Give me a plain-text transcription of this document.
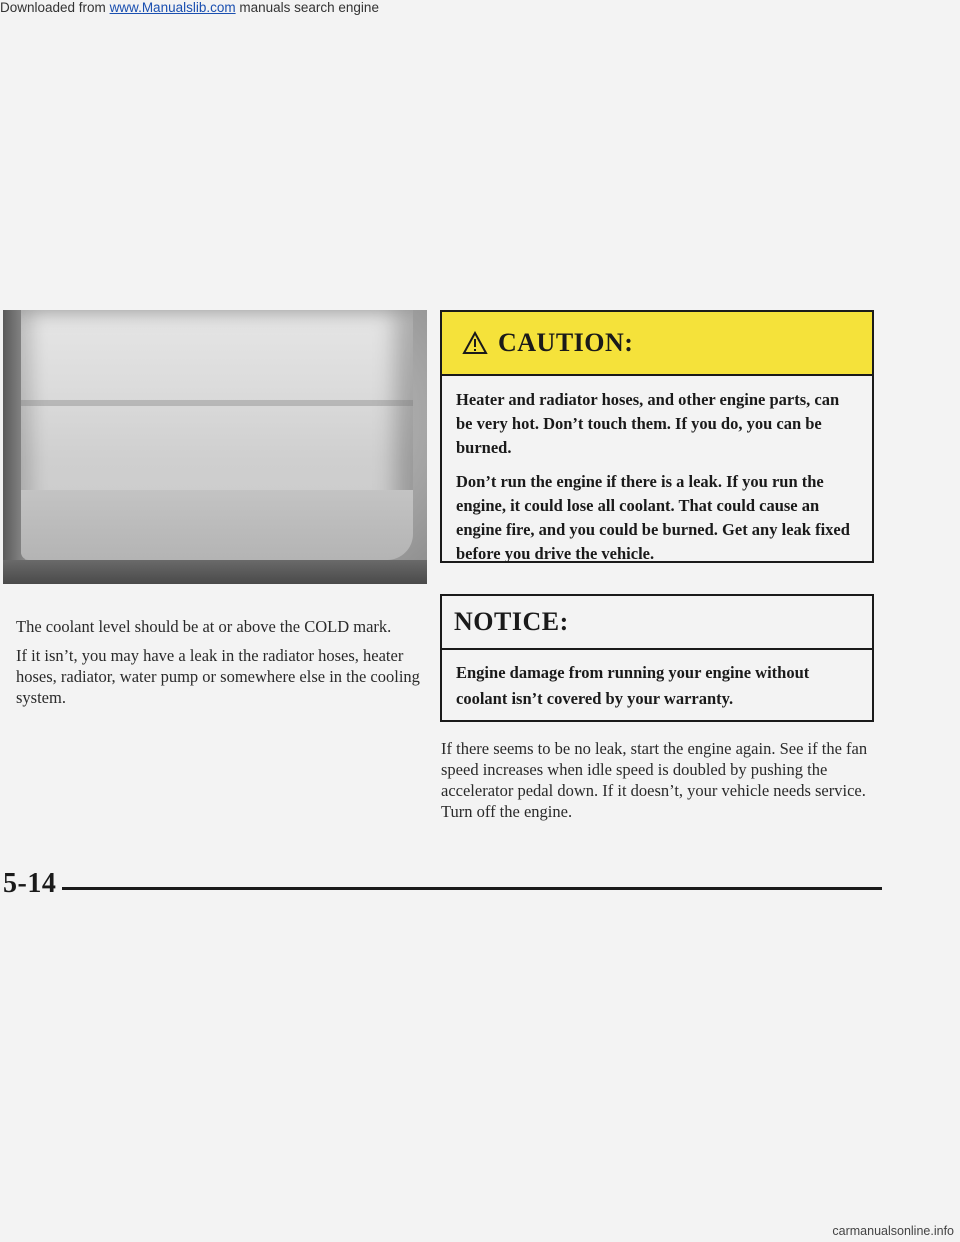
Downloaded from www.Manualslib.com manuals search engine

The coolant level should be at or above the COLD mark.

If it isn’t, you may have a leak in the radiator hoses, heater hoses, radiator, water pump or somewhere else in the cooling system.

CAUTION:

Heater and radiator hoses, and other engine parts, can be very hot. Don’t touch them. If you do, you can be burned.

Don’t run the engine if there is a leak. If you run the engine, it could lose all coolant. That could cause an engine fire, and you could be burned. Get any leak fixed before you drive the vehicle.

NOTICE:

Engine damage from running your engine without coolant isn’t covered by your warranty.

If there seems to be no leak, start the engine again. See if the fan speed increases when idle speed is doubled by pushing the accelerator pedal down. If it doesn’t, your vehicle needs service. Turn off the engine.

5-14
carmanualsonline.info
